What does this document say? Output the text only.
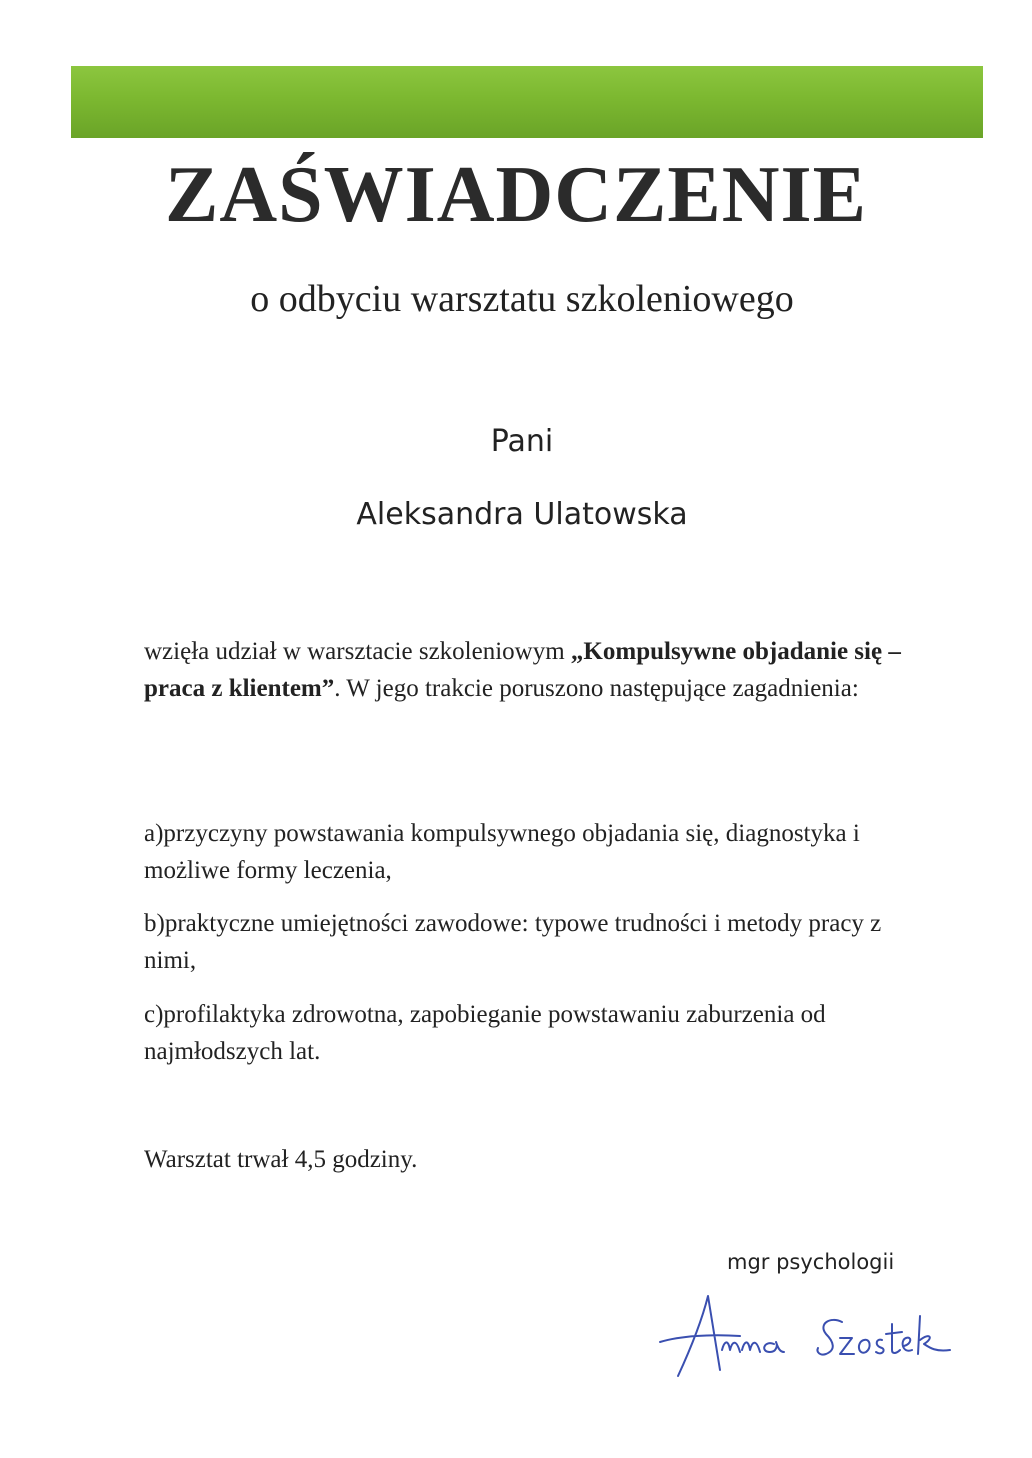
ZAŚWIADCZENIE
o odbyciu warsztatu szkoleniowego
Pani
Aleksandra Ulatowska
wzięła udział w warsztacie szkoleniowym „Kompulsywne objadanie się – praca z klientem”. W jego trakcie poruszono następujące zagadnienia:
a)przyczyny powstawania kompulsywnego objadania się, diagnostyka i możliwe formy leczenia,
b)praktyczne umiejętności zawodowe: typowe trudności i metody pracy z nimi,
c)profilaktyka zdrowotna, zapobieganie powstawaniu zaburzenia od najmłodszych lat.
Warsztat trwał 4,5 godziny.
mgr psychologii
